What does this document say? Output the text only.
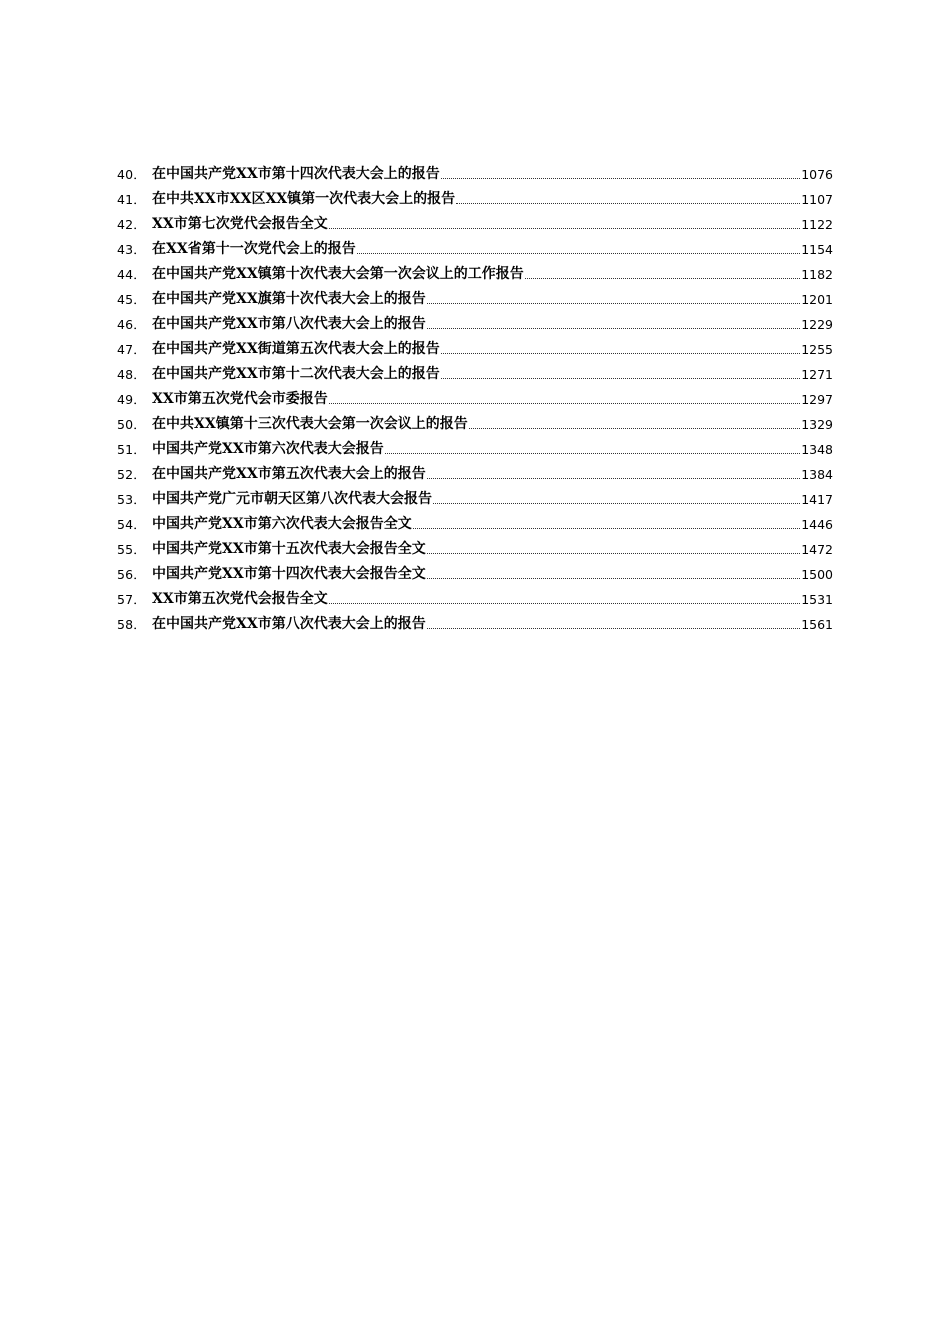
40． 在中国共产党XX市第十四次代表大会上的报告	1076
41． 在中共XX市XX区XX镇第一次代表大会上的报告	1107
42． XX市第七次党代会报告全文	1122
43． 在XX省第十一次党代会上的报告	1154
44． 在中国共产党XX镇第十次代表大会第一次会议上的工作报告	1182
45． 在中国共产党XX旗第十次代表大会上的报告	1201
46． 在中国共产党XX市第八次代表大会上的报告	1229
47． 在中国共产党XX街道第五次代表大会上的报告	1255
48． 在中国共产党XX市第十二次代表大会上的报告	1271
49． XX市第五次党代会市委报告	1297
50． 在中共XX镇第十三次代表大会第一次会议上的报告	1329
51． 中国共产党XX市第六次代表大会报告	1348
52． 在中国共产党XX市第五次代表大会上的报告	1384
53． 中国共产党广元市朝天区第八次代表大会报告	1417
54． 中国共产党XX市第六次代表大会报告全文	1446
55． 中国共产党XX市第十五次代表大会报告全文	1472
56． 中国共产党XX市第十四次代表大会报告全文	1500
57． XX市第五次党代会报告全文	1531
58． 在中国共产党XX市第八次代表大会上的报告	1561
